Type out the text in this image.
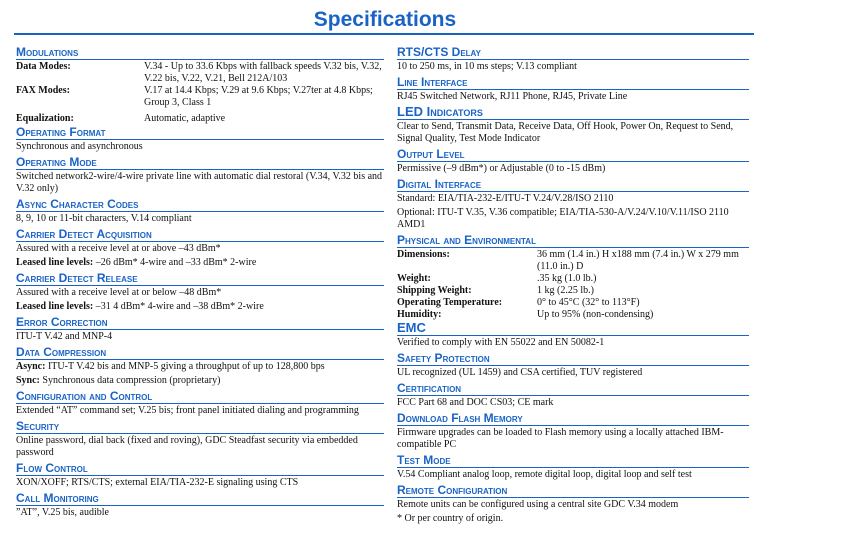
Specifications
Modulations
Data Modes:	V.34 - Up to 33.6 Kbps with fallback speeds V.32 bis, V.32, V.22 bis, V.22, V.21, Bell 212A/103
FAX Modes:	V.17 at 14.4 Kbps; V.29 at 9.6 Kbps; V.27ter at 4.8 Kbps; Group 3, Class 1
Equalization:	Automatic, adaptive
Operating Format
Synchronous and asynchronous
Operating Mode
Switched network2-wire/4-wire private line with automatic dial restoral (V.34, V.32 bis and V.32 only)
Async Character Codes
8, 9, 10 or 11-bit characters, V.14 compliant
Carrier Detect Acquisition
Assured with a receive level at or above –43 dBm*
Leased line levels: –26 dBm* 4-wire and –33 dBm* 2-wire
Carrier Detect Release
Assured with a receive level at or below –48 dBm*
Leased line levels: –31 4 dBm* 4-wire and –38 dBm* 2-wire
Error Correction
ITU-T V.42 and MNP-4
Data Compression
Async: ITU-T V.42 bis and MNP-5 giving a throughput of up to 128,800 bps
Sync: Synchronous data compression (proprietary)
Configuration and Control
Extended “AT” command set; V.25 bis; front panel initiated dialing and programming
Security
Online password, dial back (fixed and roving), GDC Steadfast security via embedded password
Flow Control
XON/XOFF; RTS/CTS; external EIA/TIA-232-E signaling using CTS
Call Monitoring
”AT”, V.25 bis, audible
RTS/CTS Delay
10 to 250 ms, in 10 ms steps; V.13 compliant
Line Interface
RJ45 Switched Network, RJ11 Phone, RJ45, Private Line
LED Indicators
Clear to Send, Transmit Data, Receive Data, Off Hook, Power On, Request to Send, Signal Quality, Test Mode Indicator
Output Level
Permissive (–9 dBm*) or Adjustable (0 to -15 dBm)
Digital Interface
Standard: EIA/TIA-232-E/ITU-T V.24/V.28/ISO 2110
Optional: ITU-T V.35, V.36 compatible; EIA/TIA-530-A/V.24/V.10/V.11/ISO 2110 AMD1
Physical and Environmental
Dimensions:	36 mm (1.4 in.) H x188 mm (7.4 in.) W x 279 mm (11.0 in.) D
Weight:	.35 kg (1.0 lb.)
Shipping Weight:	1 kg (2.25 lb.)
Operating Temperature:	0° to 45°C (32° to 113°F)
Humidity:	Up to 95% (non-condensing)
EMC
Verified to comply with EN 55022 and EN 50082-1
Safety Protection
UL recognized (UL 1459) and CSA certified, TUV registered
Certification
FCC Part 68 and DOC CS03; CE mark
Download Flash Memory
Firmware upgrades can be loaded to Flash memory using a locally attached IBM-compatible PC
Test Mode
V.54 Compliant analog loop, remote digital loop, digital loop and self test
Remote Configuration
Remote units can be configured using a central site GDC V.34 modem
* Or per country of origin.
